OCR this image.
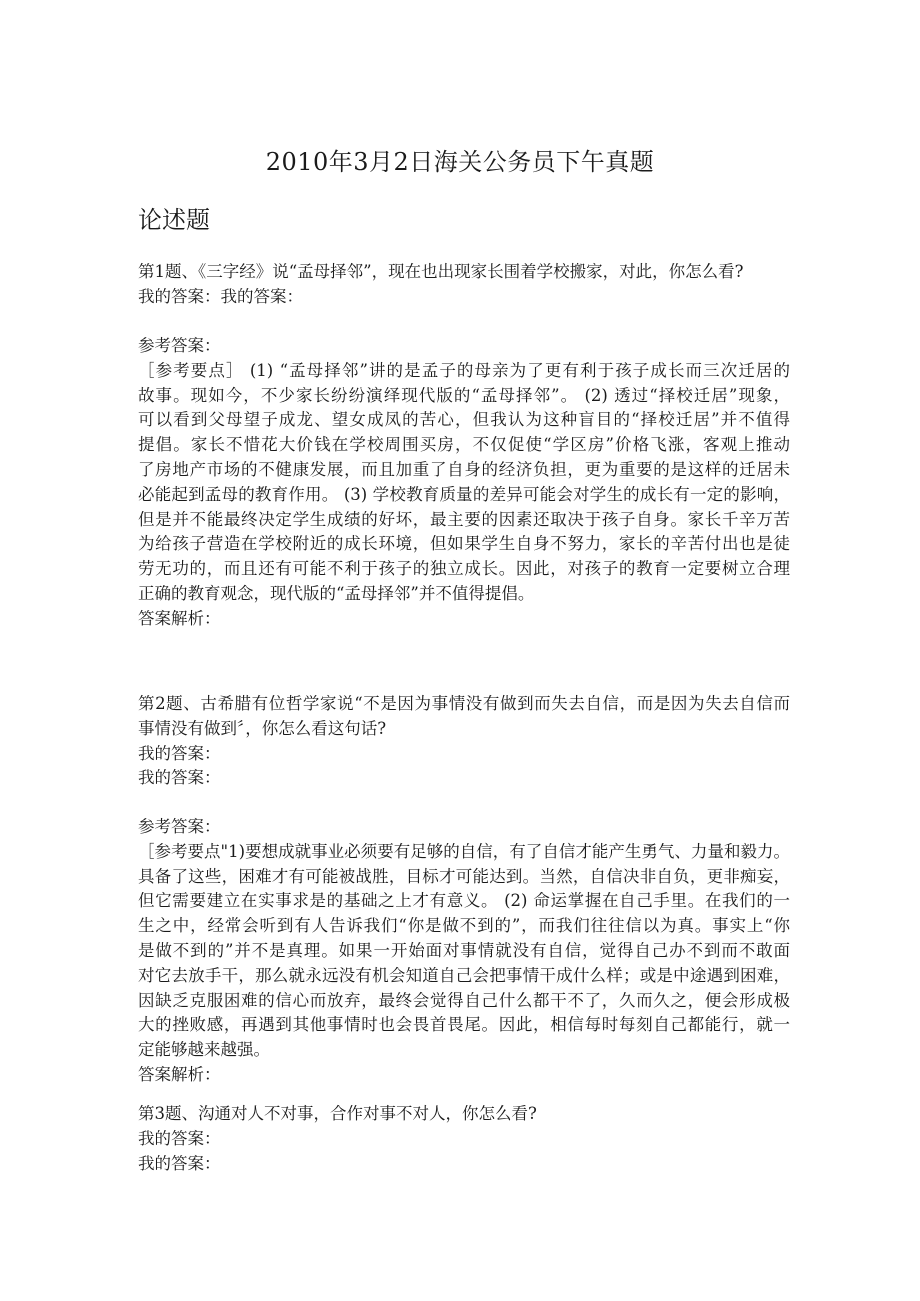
2010年3月2日海关公务员下午真题
论述题
第1题、《三字经》说“孟母择邻”，现在也出现家长围着学校搬家，对此，你怎么看?
我的答案：我的答案：
参考答案：
［参考要点］ (1) “孟母择邻”讲的是孟子的母亲为了更有利于孩子成长而三次迁居的
故事。现如今，不少家长纷纷演绎现代版的“孟母择邻”。 (2) 透过“择校迁居”现象，
可以看到父母望子成龙、望女成凤的苦心，但我认为这种盲目的“择校迁居”并不值得
提倡。家长不惜花大价钱在学校周围买房，不仅促使“学区房”价格飞涨，客观上推动
了房地产市场的不健康发展，而且加重了自身的经济负担，更为重要的是这样的迁居未
必能起到孟母的教育作用。 (3) 学校教育质量的差异可能会对学生的成长有一定的影响，
但是并不能最终决定学生成绩的好坏，最主要的因素还取决于孩子自身。家长千辛万苦
为给孩子营造在学校附近的成长环境，但如果学生自身不努力，家长的辛苦付出也是徒
劳无功的，而且还有可能不利于孩子的独立成长。因此，对孩子的教育一定要树立合理
正确的教育观念，现代版的“孟母择邻”并不值得提倡。
答案解析：
第2题、古希腊有位哲学家说“不是因为事情没有做到而失去自信，而是因为失去自信而
事情没有做到〞，你怎么看这句话?
我的答案：
我的答案：
参考答案：
［参考要点"1)要想成就事业必须要有足够的自信，有了自信才能产生勇气、力量和毅力。
具备了这些，困难才有可能被战胜，目标才可能达到。当然，自信决非自负，更非痴妄，
但它需要建立在实事求是的基础之上才有意义。 (2) 命运掌握在自己手里。在我们的一
生之中，经常会听到有人告诉我们“你是做不到的”，而我们往往信以为真。事实上“你
是做不到的”并不是真理。如果一开始面对事情就没有自信，觉得自己办不到而不敢面
对它去放手干，那么就永远没有机会知道自己会把事情干成什么样；或是中途遇到困难，
因缺乏克服困难的信心而放弃，最终会觉得自己什么都干不了，久而久之，便会形成极
大的挫败感，再遇到其他事情时也会畏首畏尾。因此，相信每时每刻自己都能行，就一
定能够越来越强。
答案解析：
第3题、沟通对人不对事，合作对事不对人，你怎么看?
我的答案：
我的答案：
